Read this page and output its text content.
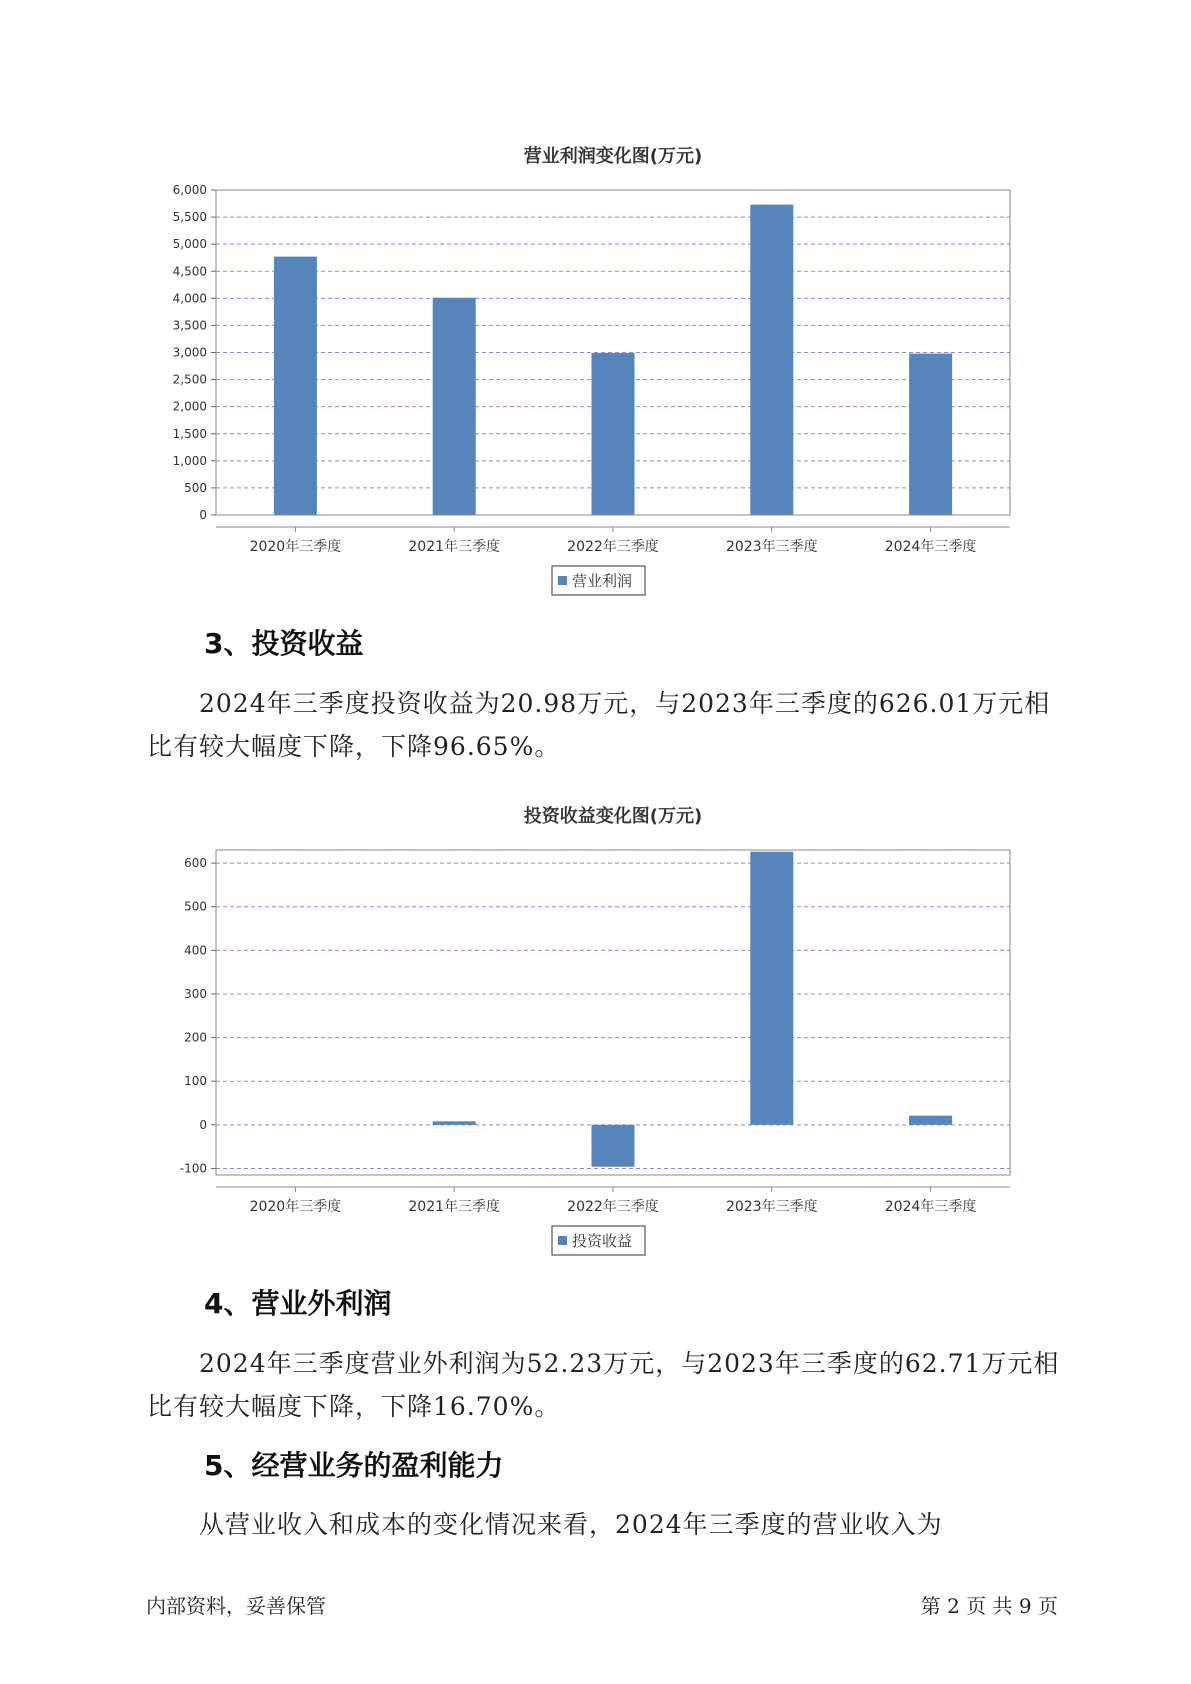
营业利润变化图(万元)
0
500
1,000
1,500
2,000
2,500
3,000
3,500
4,000
4,500
5,000
5,500
6,000
2020年三季度	2021年三季度	2022年三季度	2023年三季度	2024年三季度
营业利润
3、投资收益

2024年三季度投资收益为20.98万元，与2023年三季度的626.01万元相比有较大幅度下降，下降96.65%。

投资收益变化图(万元)
-100
0
100
200
300
400
500
600
2020年三季度	2021年三季度	2022年三季度	2023年三季度	2024年三季度
投资收益
4、营业外利润

2024年三季度营业外利润为52.23万元，与2023年三季度的62.71万元相比有较大幅度下降，下降16.70%。

5、经营业务的盈利能力

从营业收入和成本的变化情况来看，2024年三季度的营业收入为

内部资料，妥善保管	第 2 页 共 9 页
